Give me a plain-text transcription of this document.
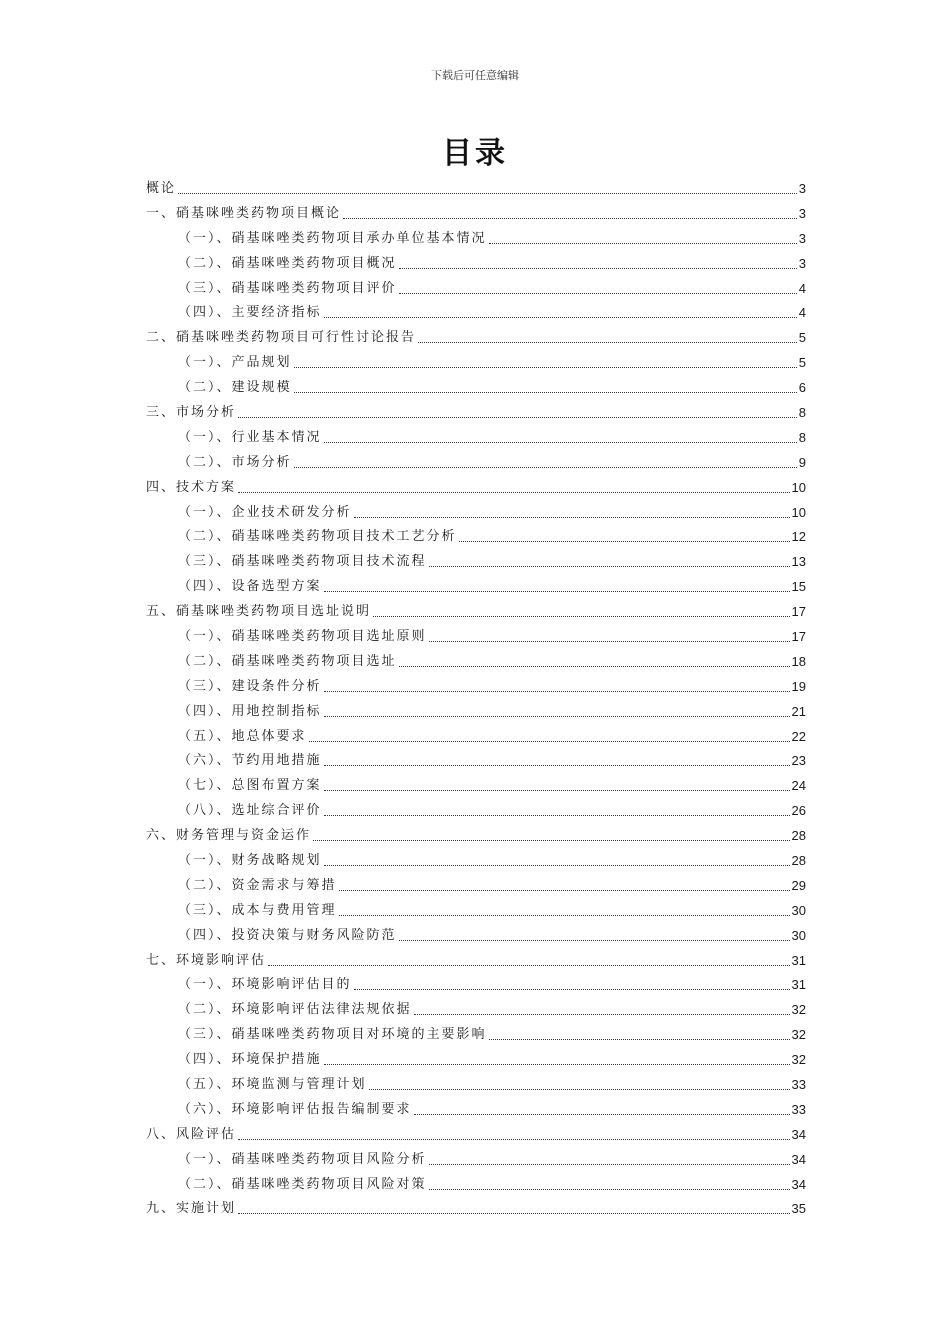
下载后可任意编辑
目录
概论	3
一、硝基咪唑类药物项目概论	3
（一）、硝基咪唑类药物项目承办单位基本情况	3
（二）、硝基咪唑类药物项目概况	3
（三）、硝基咪唑类药物项目评价	4
（四）、主要经济指标	4
二、硝基咪唑类药物项目可行性讨论报告	5
（一）、产品规划	5
（二）、建设规模	6
三、市场分析	8
（一）、行业基本情况	8
（二）、市场分析	9
四、技术方案	10
（一）、企业技术研发分析	10
（二）、硝基咪唑类药物项目技术工艺分析	12
（三）、硝基咪唑类药物项目技术流程	13
（四）、设备选型方案	15
五、硝基咪唑类药物项目选址说明	17
（一）、硝基咪唑类药物项目选址原则	17
（二）、硝基咪唑类药物项目选址	18
（三）、建设条件分析	19
（四）、用地控制指标	21
（五）、地总体要求	22
（六）、节约用地措施	23
（七）、总图布置方案	24
（八）、选址综合评价	26
六、财务管理与资金运作	28
（一）、财务战略规划	28
（二）、资金需求与筹措	29
（三）、成本与费用管理	30
（四）、投资决策与财务风险防范	30
七、环境影响评估	31
（一）、环境影响评估目的	31
（二）、环境影响评估法律法规依据	32
（三）、硝基咪唑类药物项目对环境的主要影响	32
（四）、环境保护措施	32
（五）、环境监测与管理计划	33
（六）、环境影响评估报告编制要求	33
八、风险评估	34
（一）、硝基咪唑类药物项目风险分析	34
（二）、硝基咪唑类药物项目风险对策	34
九、实施计划	35
